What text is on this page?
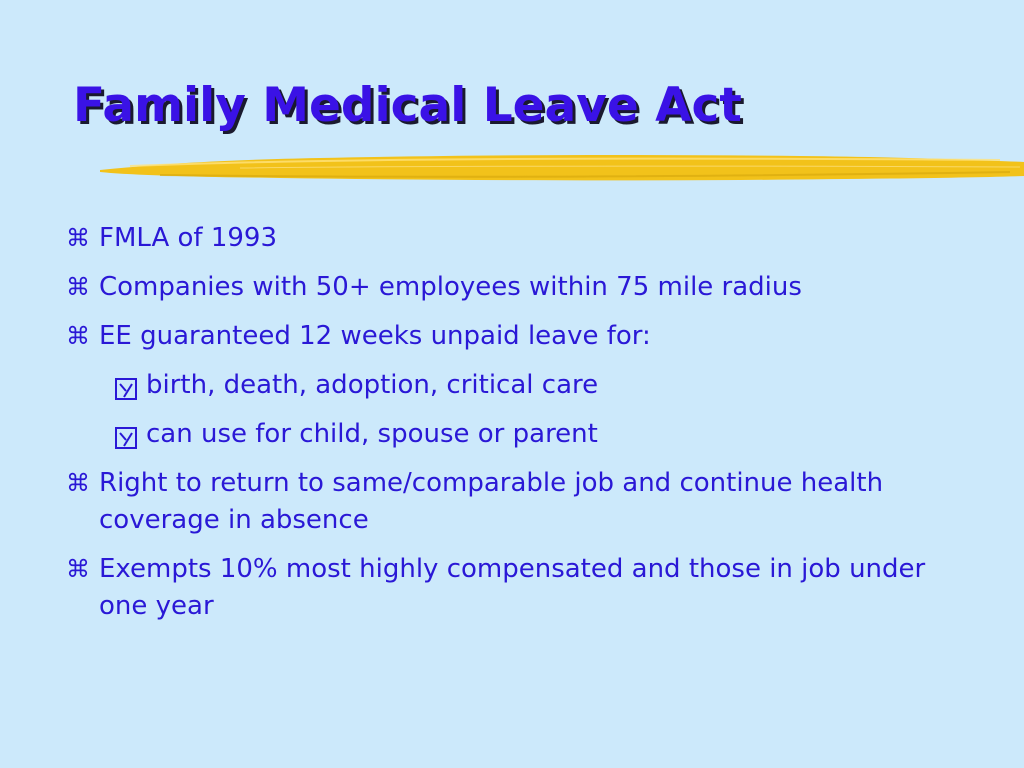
Family Medical Leave Act
⌘ FMLA of 1993
⌘ Companies with 50+ employees within 75 mile radius
⌘ EE guaranteed 12 weeks unpaid leave for:
birth, death, adoption, critical care
can use for child, spouse or parent
⌘ Right to return to same/comparable job and continue health coverage in absence
⌘ Exempts 10% most highly compensated and those in job under one year
